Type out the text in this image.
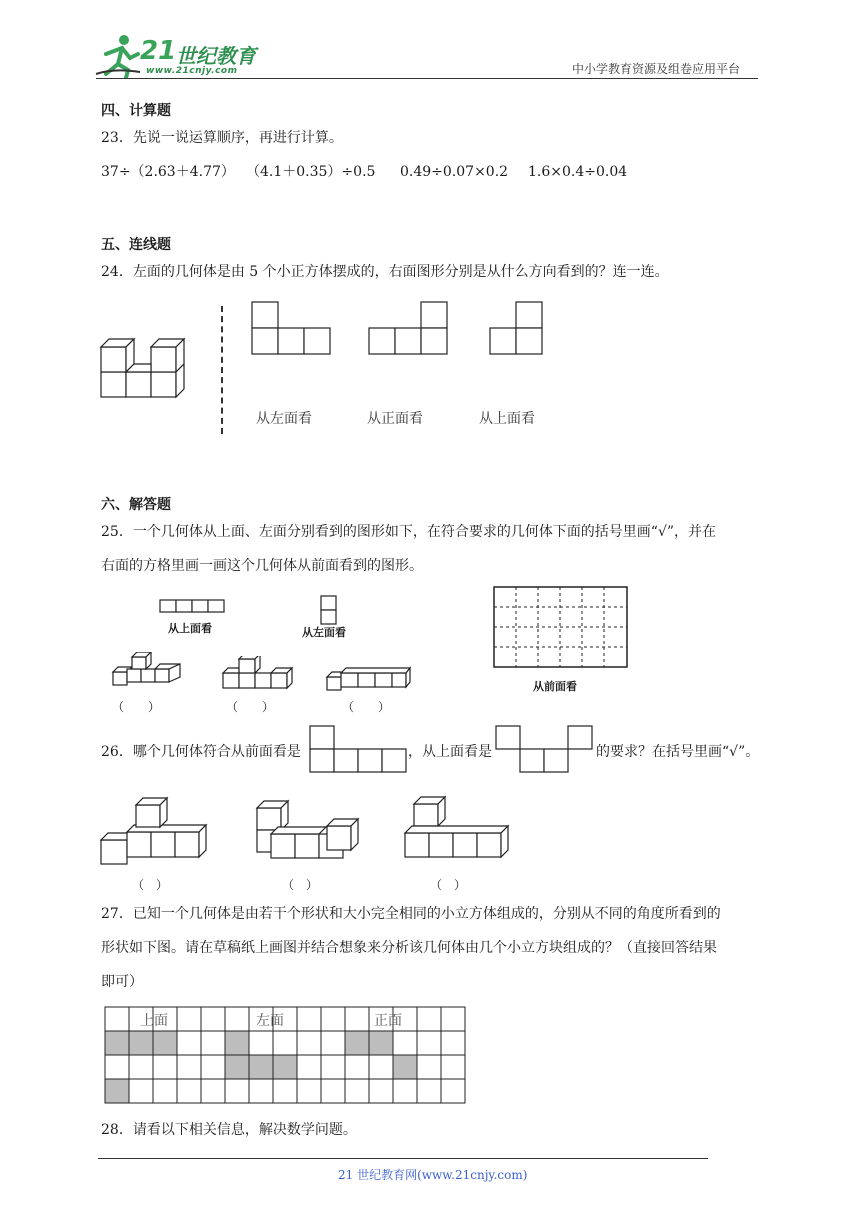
21 世纪教育
www.21cnjy.com	中小学教育资源及组卷应用平台
四、计算题
23．先说一说运算顺序，再进行计算。
37÷（2.63＋4.77） （4.1＋0.35）÷0.5 0.49÷0.07×0.2 1.6×0.4÷0.04
五、连线题
24．左面的几何体是由 5 个小正方体摆成的，右面图形分别是从什么方向看到的？连一连。
从左面看	从正面看	从上面看
六、解答题
25．一个几何体从上面、左面分别看到的图形如下，在符合要求的几何体下面的括号里画“√”，并在
右面的方格里画一画这个几何体从前面看到的图形。
从上面看	从左面看
（　　）	（　　）	（　　）
从前面看
26．哪个几何体符合从前面看是	，从上面看是	的要求？在括号里画“√”。
（　）	（　）	（　）
27．已知一个几何体是由若干个形状和大小完全相同的小立方体组成的，分别从不同的角度所看到的
形状如下图。请在草稿纸上画图并结合想象来分析该几何体由几个小立方块组成的？（直接回答结果
即可）
上面	左面	正面
28．请看以下相关信息，解决数学问题。
21 世纪教育网(www.21cnjy.com)
